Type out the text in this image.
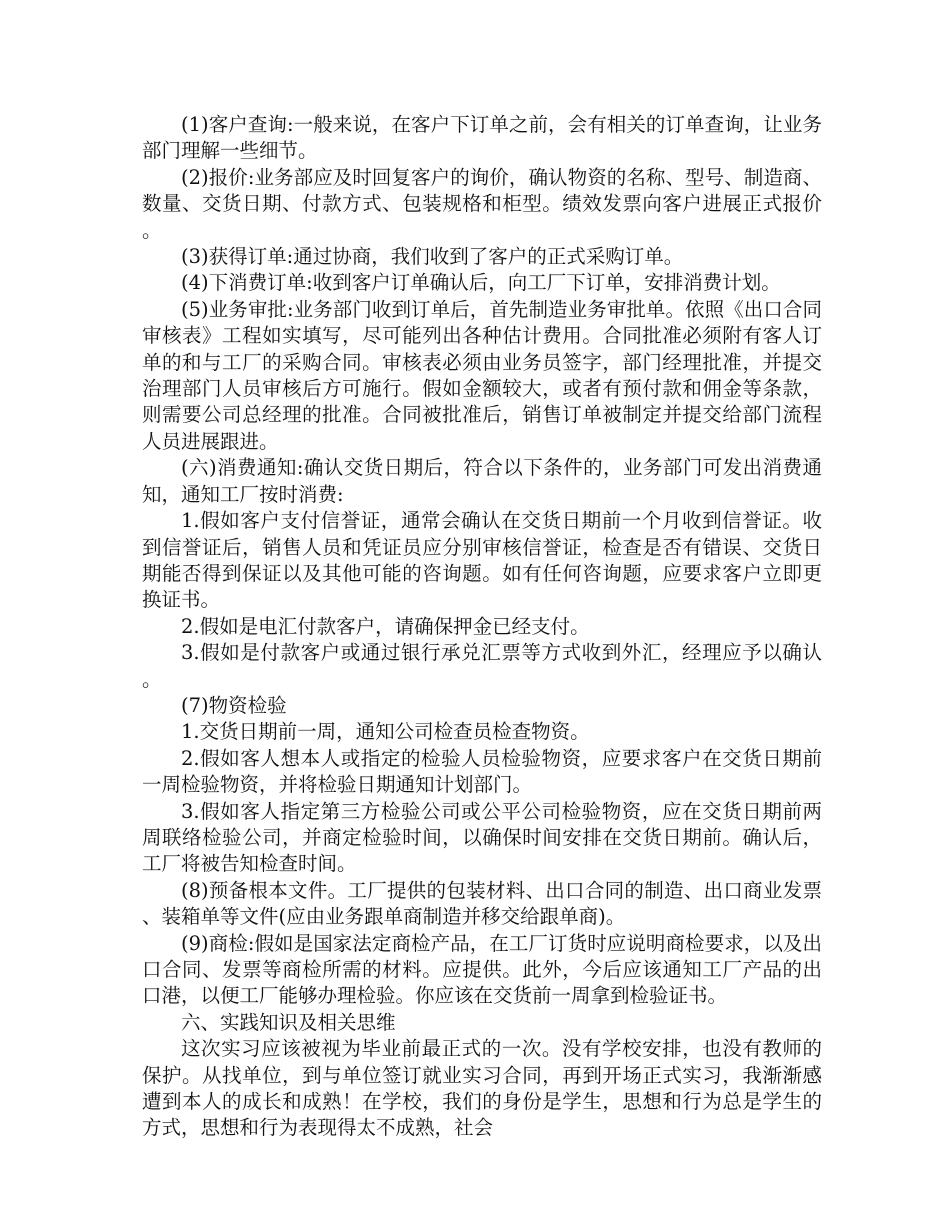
(1)客户查询:一般来说，在客户下订单之前，会有相关的订单查询，让业务部门理解一些细节。

(2)报价:业务部应及时回复客户的询价，确认物资的名称、型号、制造商、数量、交货日期、付款方式、包装规格和柜型。绩效发票向客户进展正式报价。

(3)获得订单:通过协商，我们收到了客户的正式采购订单。

(4)下消费订单:收到客户订单确认后，向工厂下订单，安排消费计划。

(5)业务审批:业务部门收到订单后，首先制造业务审批单。依照《出口合同审核表》工程如实填写，尽可能列出各种估计费用。合同批准必须附有客人订单的和与工厂的采购合同。审核表必须由业务员签字，部门经理批准，并提交治理部门人员审核后方可施行。假如金额较大，或者有预付款和佣金等条款，则需要公司总经理的批准。合同被批准后，销售订单被制定并提交给部门流程人员进展跟进。

(六)消费通知:确认交货日期后，符合以下条件的，业务部门可发出消费通知，通知工厂按时消费:

1.假如客户支付信誉证，通常会确认在交货日期前一个月收到信誉证。收到信誉证后，销售人员和凭证员应分别审核信誉证，检查是否有错误、交货日期能否得到保证以及其他可能的咨询题。如有任何咨询题，应要求客户立即更换证书。

2.假如是电汇付款客户，请确保押金已经支付。

3.假如是付款客户或通过银行承兑汇票等方式收到外汇，经理应予以确认。

(7)物资检验

1.交货日期前一周，通知公司检查员检查物资。

2.假如客人想本人或指定的检验人员检验物资，应要求客户在交货日期前一周检验物资，并将检验日期通知计划部门。

3.假如客人指定第三方检验公司或公平公司检验物资，应在交货日期前两周联络检验公司，并商定检验时间，以确保时间安排在交货日期前。确认后，工厂将被告知检查时间。

(8)预备根本文件。工厂提供的包装材料、出口合同的制造、出口商业发票、装箱单等文件(应由业务跟单商制造并移交给跟单商)。

(9)商检:假如是国家法定商检产品，在工厂订货时应说明商检要求，以及出口合同、发票等商检所需的材料。应提供。此外，今后应该通知工厂产品的出口港，以便工厂能够办理检验。你应该在交货前一周拿到检验证书。

六、实践知识及相关思维

这次实习应该被视为毕业前最正式的一次。没有学校安排，也没有教师的保护。从找单位，到与单位签订就业实习合同，再到开场正式实习，我渐渐感遭到本人的成长和成熟！在学校，我们的身份是学生，思想和行为总是学生的方式，思想和行为表现得太不成熟，社会
